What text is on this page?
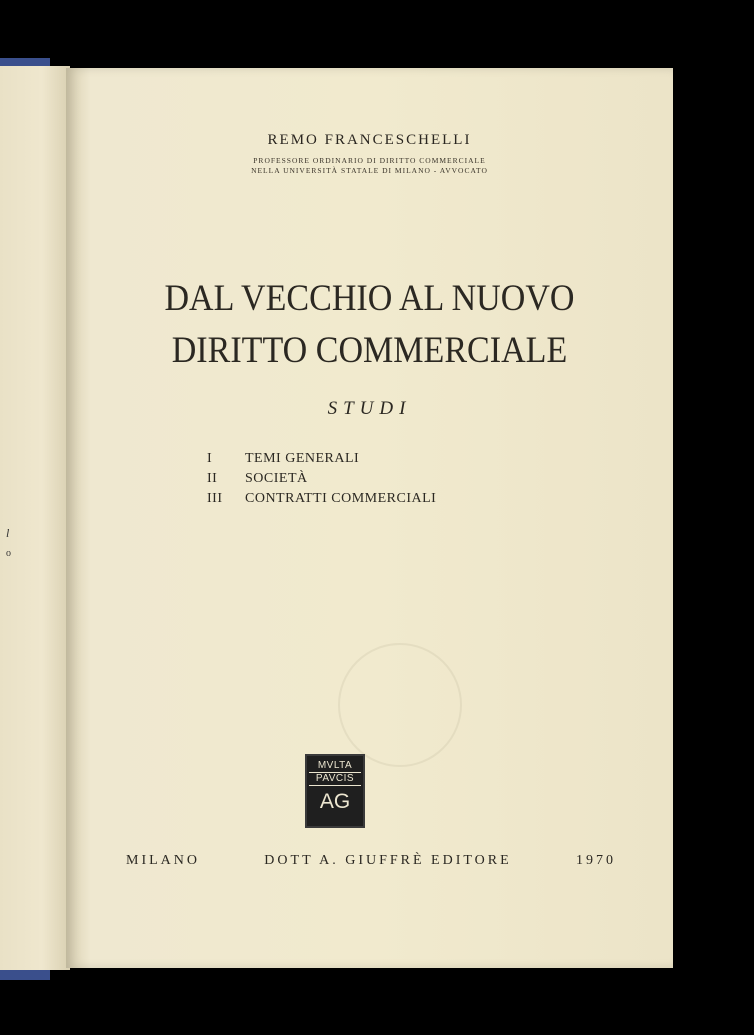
l
o
REMO FRANCESCHELLI
PROFESSORE ORDINARIO DI DIRITTO COMMERCIALE
NELLA UNIVERSITÀ STATALE DI MILANO - AVVOCATO
DAL VECCHIO AL NUOVO
DIRITTO COMMERCIALE
STUDI
I	TEMI GENERALI
II	SOCIETÀ
III	CONTRATTI COMMERCIALI
MVLTA
PAVCIS
AG
MILANO	DOTT A. GIUFFRÈ EDITORE	1970
